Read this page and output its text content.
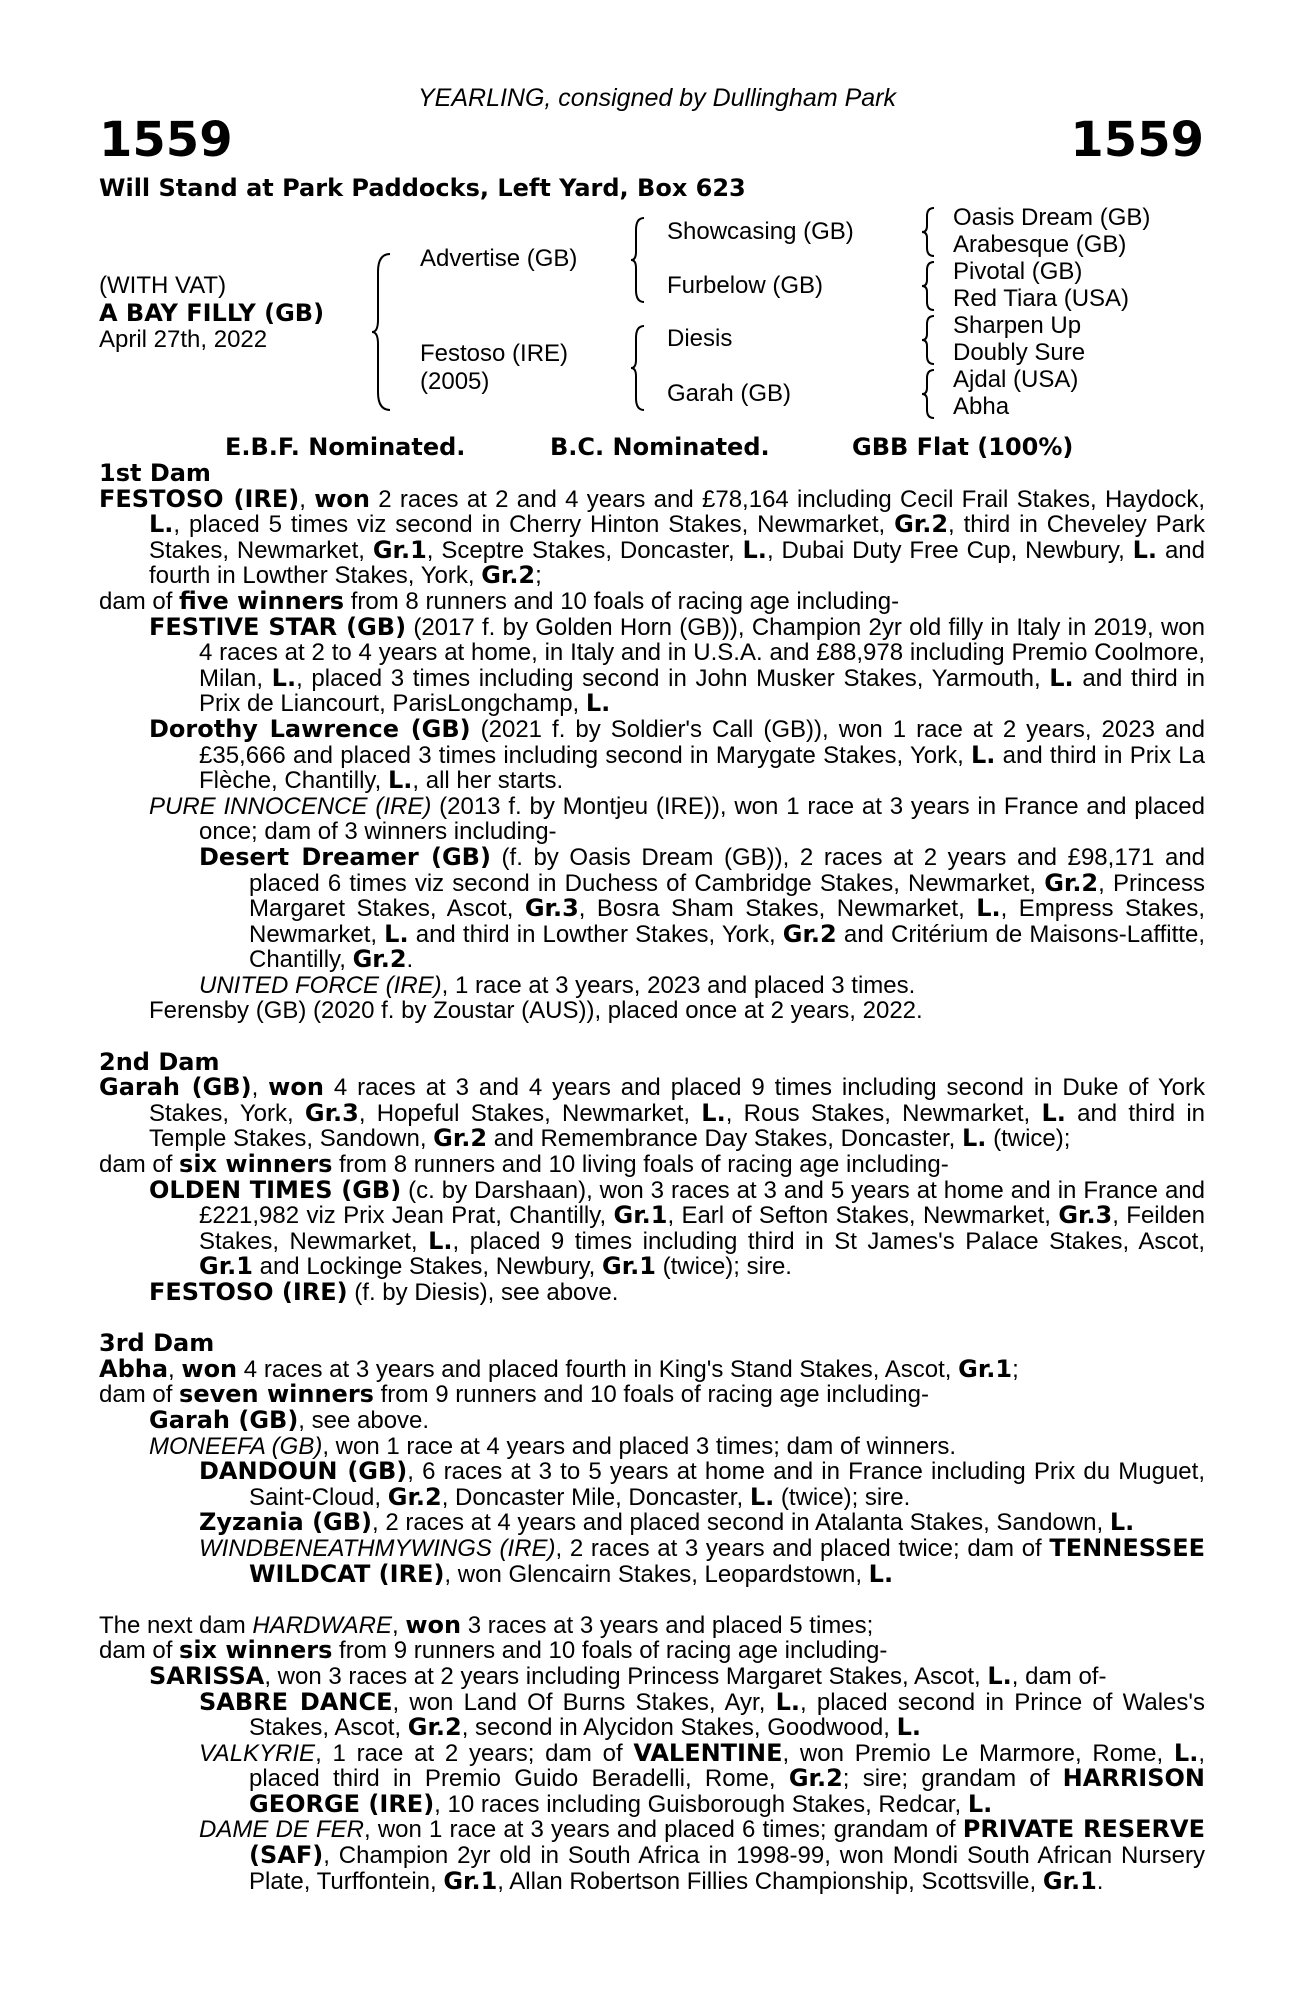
YEARLING, consigned by Dullingham Park
1559	1559
Will Stand at Park Paddocks, Left Yard, Box 623
(WITH VAT)
A BAY FILLY (GB)
April 27th, 2022
Advertise (GB)
Festoso (IRE)
(2005)
Showcasing (GB)
Furbelow (GB)
Diesis
Garah (GB)
Oasis Dream (GB)
Arabesque (GB)
Pivotal (GB)
Red Tiara (USA)
Sharpen Up
Doubly Sure
Ajdal (USA)
Abha
E.B.F. Nominated.	B.C. Nominated.	GBB Flat (100%)
1st Dam
FESTOSO (IRE), won 2 races at 2 and 4 years and £78,164 including Cecil Frail Stakes, Haydock, L., placed 5 times viz second in Cherry Hinton Stakes, Newmarket, Gr.2, third in Cheveley Park Stakes, Newmarket, Gr.1, Sceptre Stakes, Doncaster, L., Dubai Duty Free Cup, Newbury, L. and fourth in Lowther Stakes, York, Gr.2;
dam of five winners from 8 runners and 10 foals of racing age including-
FESTIVE STAR (GB) (2017 f. by Golden Horn (GB)), Champion 2yr old filly in Italy in 2019, won 4 races at 2 to 4 years at home, in Italy and in U.S.A. and £88,978 including Premio Coolmore, Milan, L., placed 3 times including second in John Musker Stakes, Yarmouth, L. and third in Prix de Liancourt, ParisLongchamp, L.
Dorothy Lawrence (GB) (2021 f. by Soldier's Call (GB)), won 1 race at 2 years, 2023 and £35,666 and placed 3 times including second in Marygate Stakes, York, L. and third in Prix La Flèche, Chantilly, L., all her starts.
PURE INNOCENCE (IRE) (2013 f. by Montjeu (IRE)), won 1 race at 3 years in France and placed once; dam of 3 winners including-
Desert Dreamer (GB) (f. by Oasis Dream (GB)), 2 races at 2 years and £98,171 and placed 6 times viz second in Duchess of Cambridge Stakes, Newmarket, Gr.2, Princess Margaret Stakes, Ascot, Gr.3, Bosra Sham Stakes, Newmarket, L., Empress Stakes, Newmarket, L. and third in Lowther Stakes, York, Gr.2 and Critérium de Maisons-Laffitte, Chantilly, Gr.2.
UNITED FORCE (IRE), 1 race at 3 years, 2023 and placed 3 times.
Ferensby (GB) (2020 f. by Zoustar (AUS)), placed once at 2 years, 2022.
2nd Dam
Garah (GB), won 4 races at 3 and 4 years and placed 9 times including second in Duke of York Stakes, York, Gr.3, Hopeful Stakes, Newmarket, L., Rous Stakes, Newmarket, L. and third in Temple Stakes, Sandown, Gr.2 and Remembrance Day Stakes, Doncaster, L. (twice);
dam of six winners from 8 runners and 10 living foals of racing age including-
OLDEN TIMES (GB) (c. by Darshaan), won 3 races at 3 and 5 years at home and in France and £221,982 viz Prix Jean Prat, Chantilly, Gr.1, Earl of Sefton Stakes, Newmarket, Gr.3, Feilden Stakes, Newmarket, L., placed 9 times including third in St James's Palace Stakes, Ascot, Gr.1 and Lockinge Stakes, Newbury, Gr.1 (twice); sire.
FESTOSO (IRE) (f. by Diesis), see above.
3rd Dam
Abha, won 4 races at 3 years and placed fourth in King's Stand Stakes, Ascot, Gr.1;
dam of seven winners from 9 runners and 10 foals of racing age including-
Garah (GB), see above.
MONEEFA (GB), won 1 race at 4 years and placed 3 times; dam of winners.
DANDOUN (GB), 6 races at 3 to 5 years at home and in France including Prix du Muguet, Saint-Cloud, Gr.2, Doncaster Mile, Doncaster, L. (twice); sire.
Zyzania (GB), 2 races at 4 years and placed second in Atalanta Stakes, Sandown, L.
WINDBENEATHMYWINGS (IRE), 2 races at 3 years and placed twice; dam of TENNESSEE WILDCAT (IRE), won Glencairn Stakes, Leopardstown, L.
The next dam HARDWARE, won 3 races at 3 years and placed 5 times;
dam of six winners from 9 runners and 10 foals of racing age including-
SARISSA, won 3 races at 2 years including Princess Margaret Stakes, Ascot, L., dam of-
SABRE DANCE, won Land Of Burns Stakes, Ayr, L., placed second in Prince of Wales's Stakes, Ascot, Gr.2, second in Alycidon Stakes, Goodwood, L.
VALKYRIE, 1 race at 2 years; dam of VALENTINE, won Premio Le Marmore, Rome, L., placed third in Premio Guido Beradelli, Rome, Gr.2; sire; grandam of HARRISON GEORGE (IRE), 10 races including Guisborough Stakes, Redcar, L.
DAME DE FER, won 1 race at 3 years and placed 6 times; grandam of PRIVATE RESERVE (SAF), Champion 2yr old in South Africa in 1998-99, won Mondi South African Nursery Plate, Turffontein, Gr.1, Allan Robertson Fillies Championship, Scottsville, Gr.1.
